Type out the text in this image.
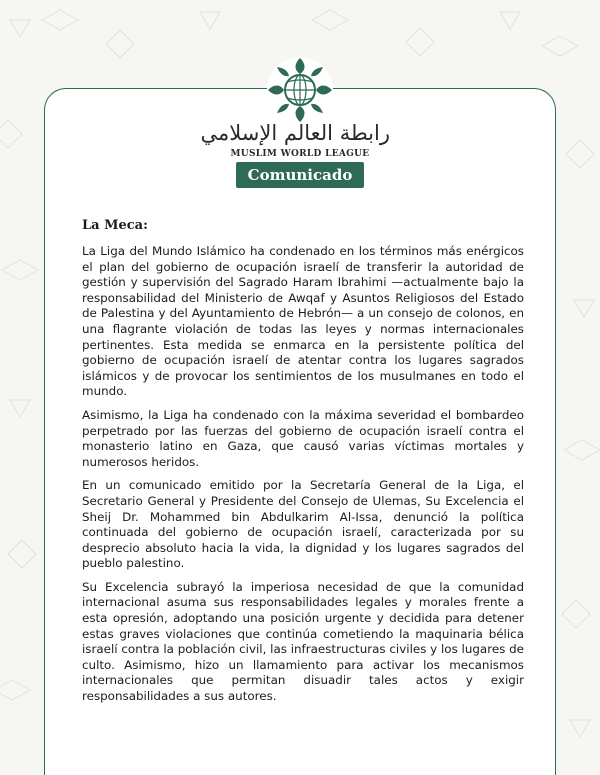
رابطة العالم الإسلامي
MUSLIM WORLD LEAGUE
Comunicado
La Meca:

La Liga del Mundo Islámico ha condenado en los términos más enérgicos el plan del gobierno de ocupación israelí de transferir la autoridad de gestión y supervisión del Sagrado Haram Ibrahimi —actualmente bajo la responsabilidad del Ministerio de Awqaf y Asuntos Religiosos del Estado de Palestina y del Ayuntamiento de Hebrón— a un consejo de colonos, en una flagrante violación de todas las leyes y normas internacionales pertinentes. Esta medida se enmarca en la persistente política del gobierno de ocupación israelí de atentar contra los lugares sagrados islámicos y de provocar los sentimientos de los musulmanes en todo el mundo.

Asimismo, la Liga ha condenado con la máxima severidad el bombardeo perpetrado por las fuerzas del gobierno de ocupación israelí contra el monasterio latino en Gaza, que causó varias víctimas mortales y numerosos heridos.

En un comunicado emitido por la Secretaría General de la Liga, el Secretario General y Presidente del Consejo de Ulemas, Su Excelencia el Sheij Dr. Mohammed bin Abdulkarim Al-Issa, denunció la política continuada del gobierno de ocupación israelí, caracterizada por su desprecio absoluto hacia la vida, la dignidad y los lugares sagrados del pueblo palestino.

Su Excelencia subrayó la imperiosa necesidad de que la comunidad internacional asuma sus responsabilidades legales y morales frente a esta opresión, adoptando una posición urgente y decidida para detener estas graves violaciones que continúa cometiendo la maquinaria bélica israelí contra la población civil, las infraestructuras civiles y los lugares de culto. Asimismo, hizo un llamamiento para activar los mecanismos internacionales que permitan disuadir tales actos y exigir responsabilidades a sus autores.
